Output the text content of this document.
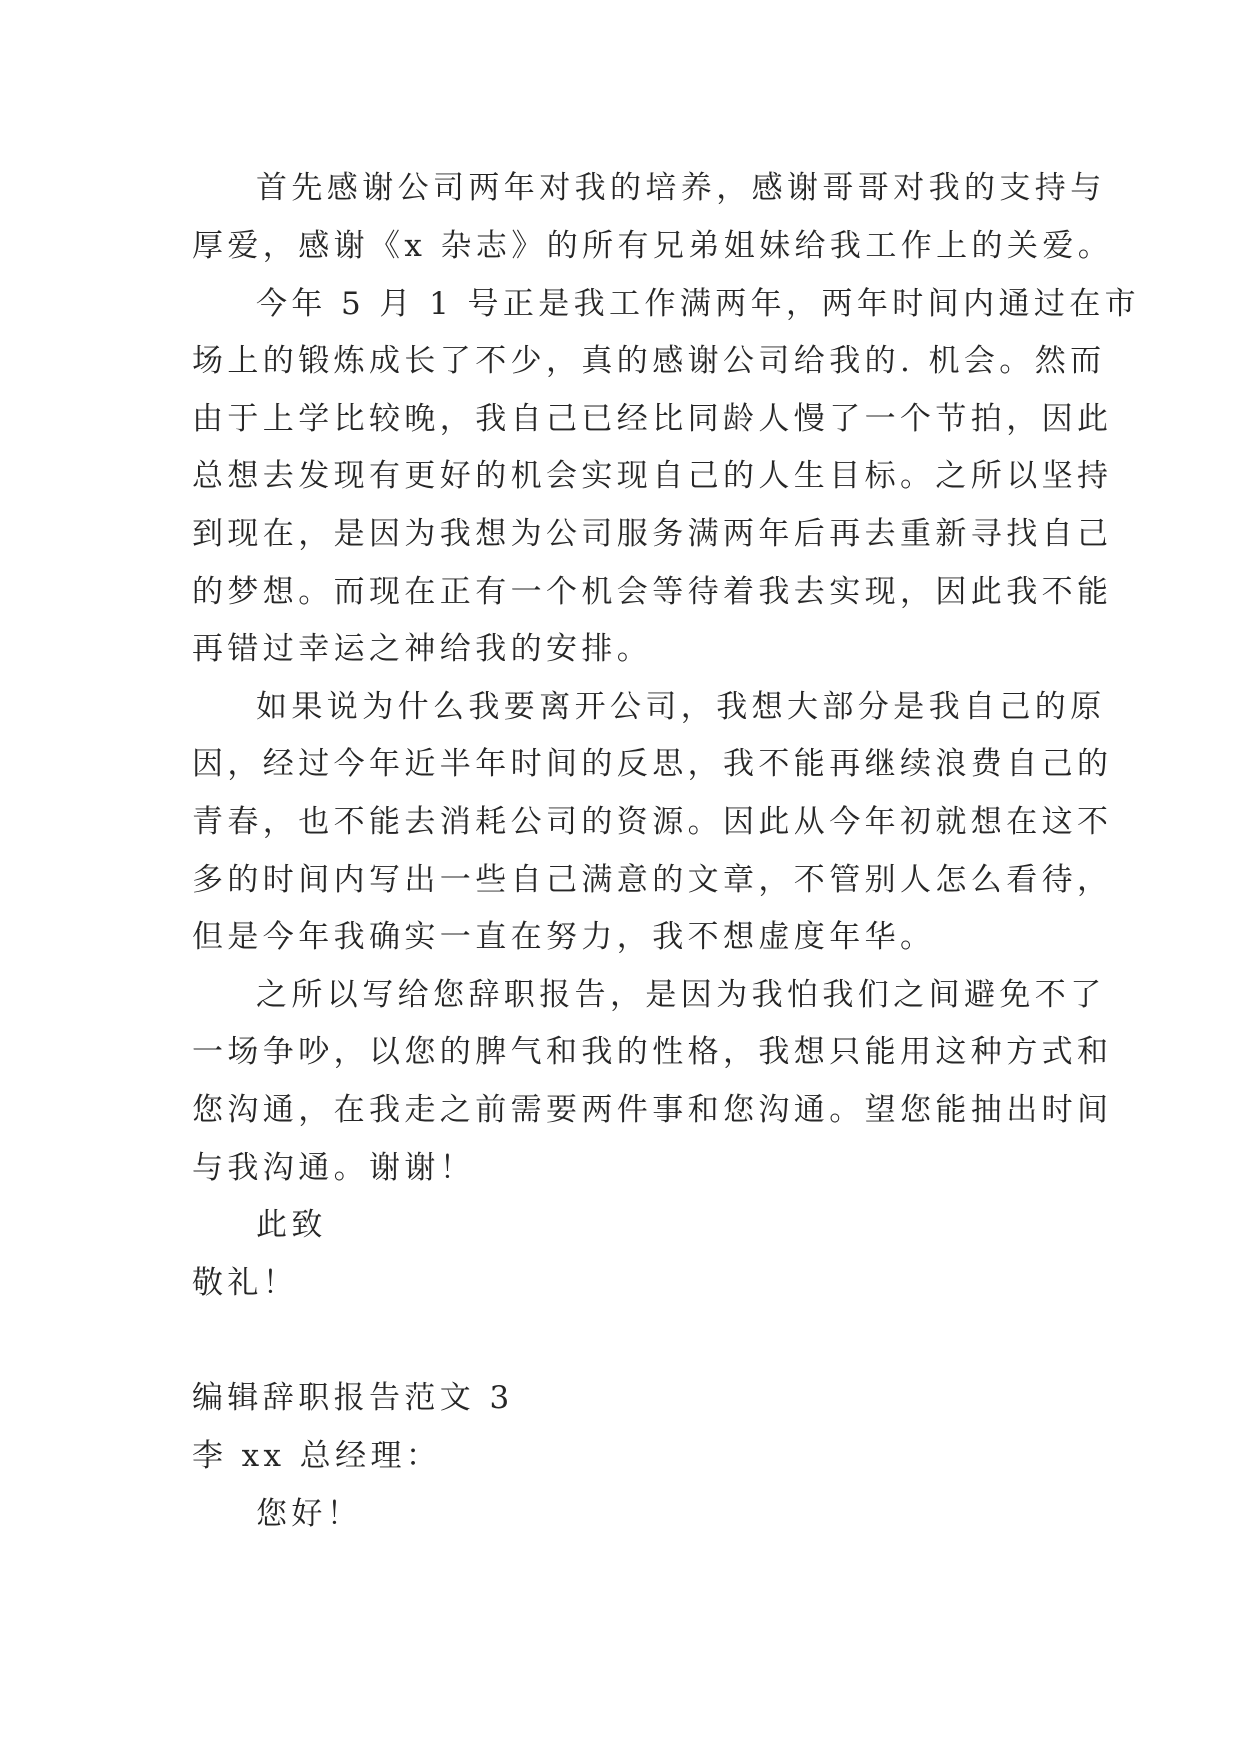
首先感谢公司两年对我的培养，感谢哥哥对我的支持与
厚爱，感谢《x 杂志》的所有兄弟姐妹给我工作上的关爱。
今年 5 月 1 号正是我工作满两年，两年时间内通过在市
场上的锻炼成长了不少，真的感谢公司给我的. 机会。然而
由于上学比较晚，我自己已经比同龄人慢了一个节拍，因此
总想去发现有更好的机会实现自己的人生目标。之所以坚持
到现在，是因为我想为公司服务满两年后再去重新寻找自己
的梦想。而现在正有一个机会等待着我去实现，因此我不能
再错过幸运之神给我的安排。
如果说为什么我要离开公司，我想大部分是我自己的原
因，经过今年近半年时间的反思，我不能再继续浪费自己的
青春，也不能去消耗公司的资源。因此从今年初就想在这不
多的时间内写出一些自己满意的文章，不管别人怎么看待，
但是今年我确实一直在努力，我不想虚度年华。
之所以写给您辞职报告，是因为我怕我们之间避免不了
一场争吵，以您的脾气和我的性格，我想只能用这种方式和
您沟通，在我走之前需要两件事和您沟通。望您能抽出时间
与我沟通。谢谢！
此致
敬礼！
编辑辞职报告范文 3
李 xx 总经理：
您好！
